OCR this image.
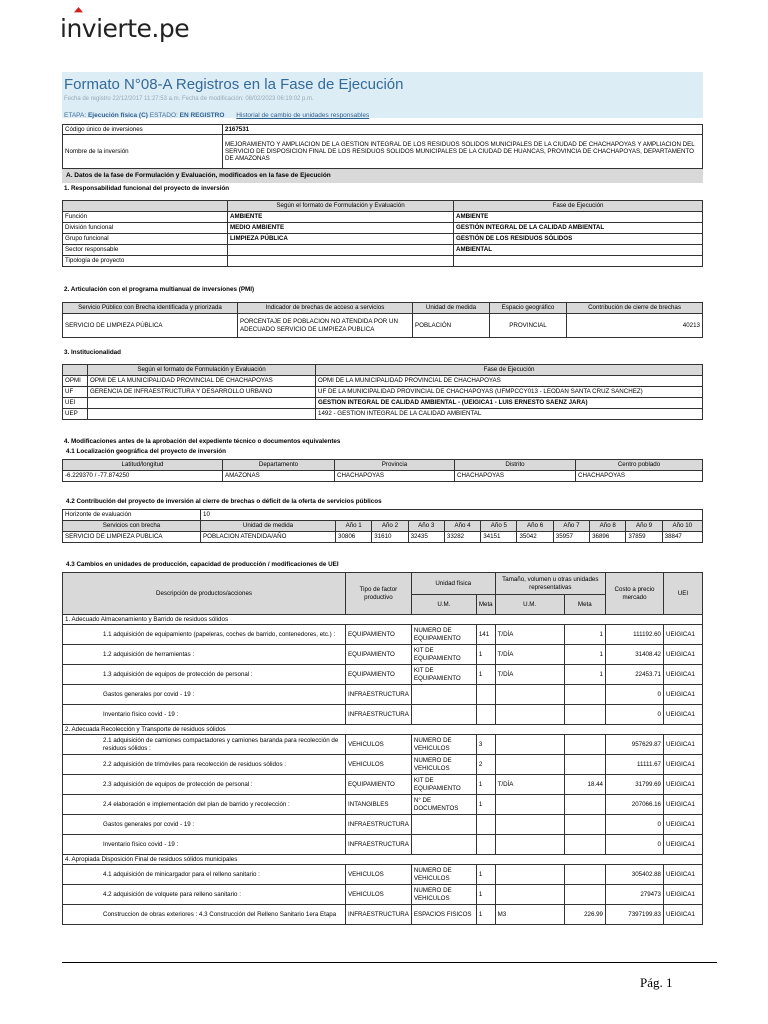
invierte.pe
Formato N°08-A Registros en la Fase de Ejecución
Fecha de registro 22/12/2017 11:27:53 a.m. Fecha de modificación: 08/02/2023 06:19:02 p.m.
ETAPA: Ejecución física (C) ESTADO: EN REGISTRO Historial de cambio de unidades responsables
Código único de inversiones	2167531
Nombre de la inversión	MEJORAMIENTO Y AMPLIACION DE LA GESTION INTEGRAL DE LOS RESIDUOS SOLIDOS MUNICIPALES DE LA CIUDAD DE CHACHAPOYAS Y AMPLIACION DEL SERVICIO DE DISPOSICION FINAL DE LOS RESIDUOS SOLIDOS MUNICIPALES DE LA CIUDAD DE HUANCAS, PROVINCIA DE CHACHAPOYAS, DEPARTAMENTO DE AMAZONAS
A. Datos de la fase de Formulación y Evaluación, modificados en la fase de Ejecución
1. Responsabilidad funcional del proyecto de inversión
	Según el formato de Formulación y Evaluación	Fase de Ejecución
Función	AMBIENTE	AMBIENTE
División funcional	MEDIO AMBIENTE	GESTIÓN INTEGRAL DE LA CALIDAD AMBIENTAL
Grupo funcional	LIMPIEZA PÚBLICA	GESTIÓN DE LOS RESIDUOS SÓLIDOS
Sector responsable		AMBIENTAL
Tipología de proyecto		
2. Articulación con el programa multianual de inversiones (PMI)
Servicio Público con Brecha identificada y priorizada	Indicador de brechas de acceso a servicios	Unidad de medida	Espacio geográfico	Contribución de cierre de brechas
SERVICIO DE LIMPIEZA PÚBLICA	PORCENTAJE DE POBLACION NO ATENDIDA POR UN ADECUADO SERVICIO DE LIMPIEZA PUBLICA	POBLACIÓN	PROVINCIAL	40213
3. Institucionalidad
	Según el formato de Formulación y Evaluación	Fase de Ejecución
OPMI	OPMI DE LA MUNICIPALIDAD PROVINCIAL DE CHACHAPOYAS	OPMI DE LA MUNICIPALIDAD PROVINCIAL DE CHACHAPOYAS
UF	GERENCIA DE INFRAESTRUCTURA Y DESARROLLO URBANO	UF DE LA MUNICIPALIDAD PROVINCIAL DE CHACHAPOYAS (UFMPCCY013 - LEODAN SANTA CRUZ SANCHEZ)
UEI		GESTION INTEGRAL DE CALIDAD AMBIENTAL - (UEIGICA1 - LUIS ERNESTO SAENZ JARA)
UEP		1492 - GESTION INTEGRAL DE LA CALIDAD AMBIENTAL
4. Modificaciones antes de la aprobación del expediente técnico o documentos equivalentes
4.1 Localización geográfica del proyecto de inversión
Latitud/longitud	Departamento	Provincia	Distrito	Centro poblado
-6.229370 / -77.874250	AMAZONAS	CHACHAPOYAS	CHACHAPOYAS	CHACHAPOYAS
4.2 Contribución del proyecto de inversión al cierre de brechas o déficit de la oferta de servicios públicos
Horizonte de evaluación	10										
Servicios con brecha	Unidad de medida	Año 1	Año 2	Año 3	Año 4	Año 5	Año 6	Año 7	Año 8	Año 9	Año 10
SERVICIO DE LIMPIEZA PUBLICA	POBLACION ATENDIDA/AÑO	30806	31610	32435	33282	34151	35042	35957	36896	37859	38847
4.3 Cambios en unidades de producción, capacidad de producción / modificaciones de UEI
Descripción de productos/acciones	Tipo de factor productivo	Unidad física		Tamaño, volumen u otras unidades representativas		Costo a precio mercado	UEI
		U.M.	Meta	U.M.	Meta		
1. Adecuado Almacenamiento y Barrido de residuos sólidos							
1.1 adquisición de equipamiento (papeleras, coches de barrido, contenedores, etc.) :	EQUIPAMIENTO	NUMERO DE EQUIPAMIENTO	141	T/DÍA	1	111192.60	UEIGICA1
1.2 adquisición de herramientas :	EQUIPAMIENTO	KIT DE EQUIPAMIENTO	1	T/DÍA	1	31408.42	UEIGICA1
1.3 adquisición de equipos de protección de personal :	EQUIPAMIENTO	KIT DE EQUIPAMIENTO	1	T/DÍA	1	22453.71	UEIGICA1
Gastos generales por covid - 19 :	INFRAESTRUCTURA					0	UEIGICA1
Inventario físico covid - 19 :	INFRAESTRUCTURA					0	UEIGICA1
2. Adecuada Recolección y Transporte de residuos sólidos							
2.1 adquisición de camiones compactadores y camiones baranda para recolección de residuos sólidos :	VEHICULOS	NUMERO DE VEHICULOS	3			957629.87	UEIGICA1
2.2 adquisición de trimóviles para recolección de residuos sólidos :	VEHICULOS	NUMERO DE VEHICULOS	2			11111.67	UEIGICA1
2.3 adquisición de equipos de protección de personal :	EQUIPAMIENTO	KIT DE EQUIPAMIENTO	1	T/DÍA	18.44	31799.69	UEIGICA1
2.4 elaboración e implementación del plan de barrido y recolección :	INTANGIBLES	N° DE DOCUMENTOS	1			207066.16	UEIGICA1
Gastos generales por covid - 19 :	INFRAESTRUCTURA					0	UEIGICA1
Inventario físico covid - 19 :	INFRAESTRUCTURA					0	UEIGICA1
4. Apropiada Disposición Final de residuos sólidos municipales							
4.1 adquisición de minicargador para el relleno sanitario :	VEHICULOS	NUMERO DE VEHICULOS	1			305402.88	UEIGICA1
4.2 adquisición de volquete para relleno sanitario :	VEHICULOS	NUMERO DE VEHICULOS	1			279473	UEIGICA1
Construccion de obras exteriores : 4.3 Construcción del Relleno Sanitario 1era Etapa	INFRAESTRUCTURA	ESPACIOS FISICOS	1	M3	226.99	7397199.83	UEIGICA1
Pág. 1
